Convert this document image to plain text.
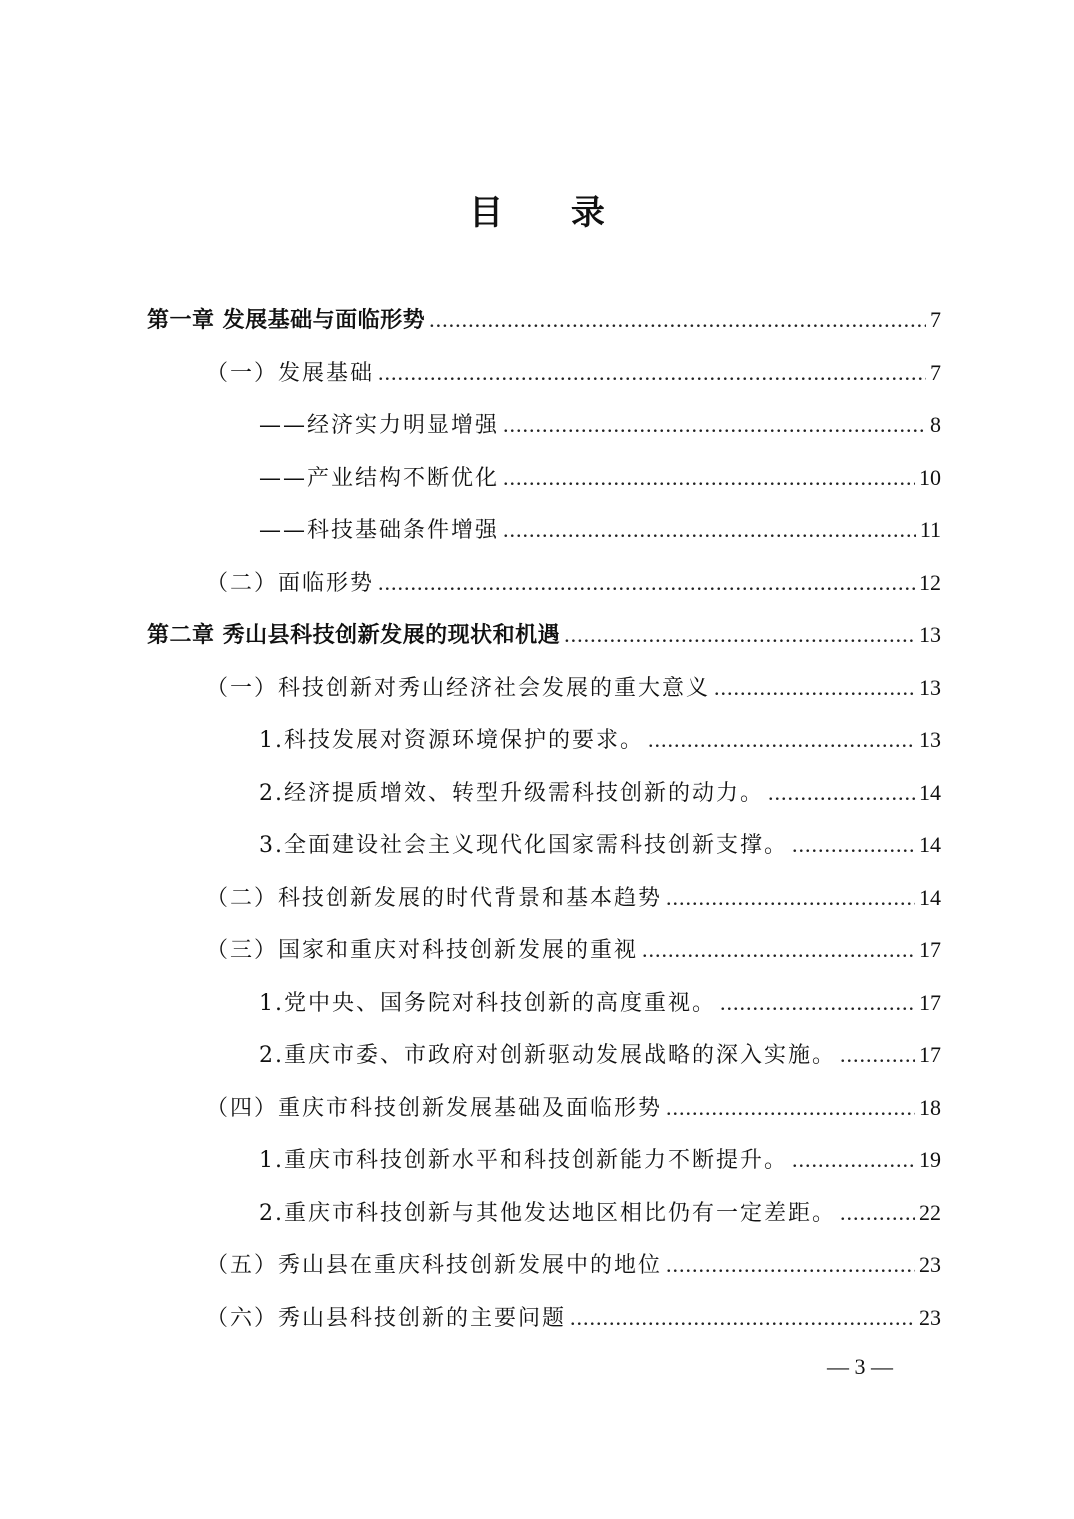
目 录
第一章 发展基础与面临形势 .....	7
（一）发展基础 .....	7
——经济实力明显增强 .....	8
——产业结构不断优化 .....	10
——科技基础条件增强 .....	11
（二）面临形势 .....	12
第二章 秀山县科技创新发展的现状和机遇 .....	13
（一）科技创新对秀山经济社会发展的重大意义 .....	13
1.科技发展对资源环境保护的要求。 .....	13
2.经济提质增效、转型升级需科技创新的动力。 .....	14
3.全面建设社会主义现代化国家需科技创新支撑。 .....	14
（二）科技创新发展的时代背景和基本趋势 .....	14
（三）国家和重庆对科技创新发展的重视 .....	17
1.党中央、国务院对科技创新的高度重视。 .....	17
2.重庆市委、市政府对创新驱动发展战略的深入实施。 .....	17
（四）重庆市科技创新发展基础及面临形势 .....	18
1.重庆市科技创新水平和科技创新能力不断提升。 .....	19
2.重庆市科技创新与其他发达地区相比仍有一定差距。 .....	22
（五）秀山县在重庆科技创新发展中的地位 .....	23
（六）秀山县科技创新的主要问题 .....	23
— 3 —
